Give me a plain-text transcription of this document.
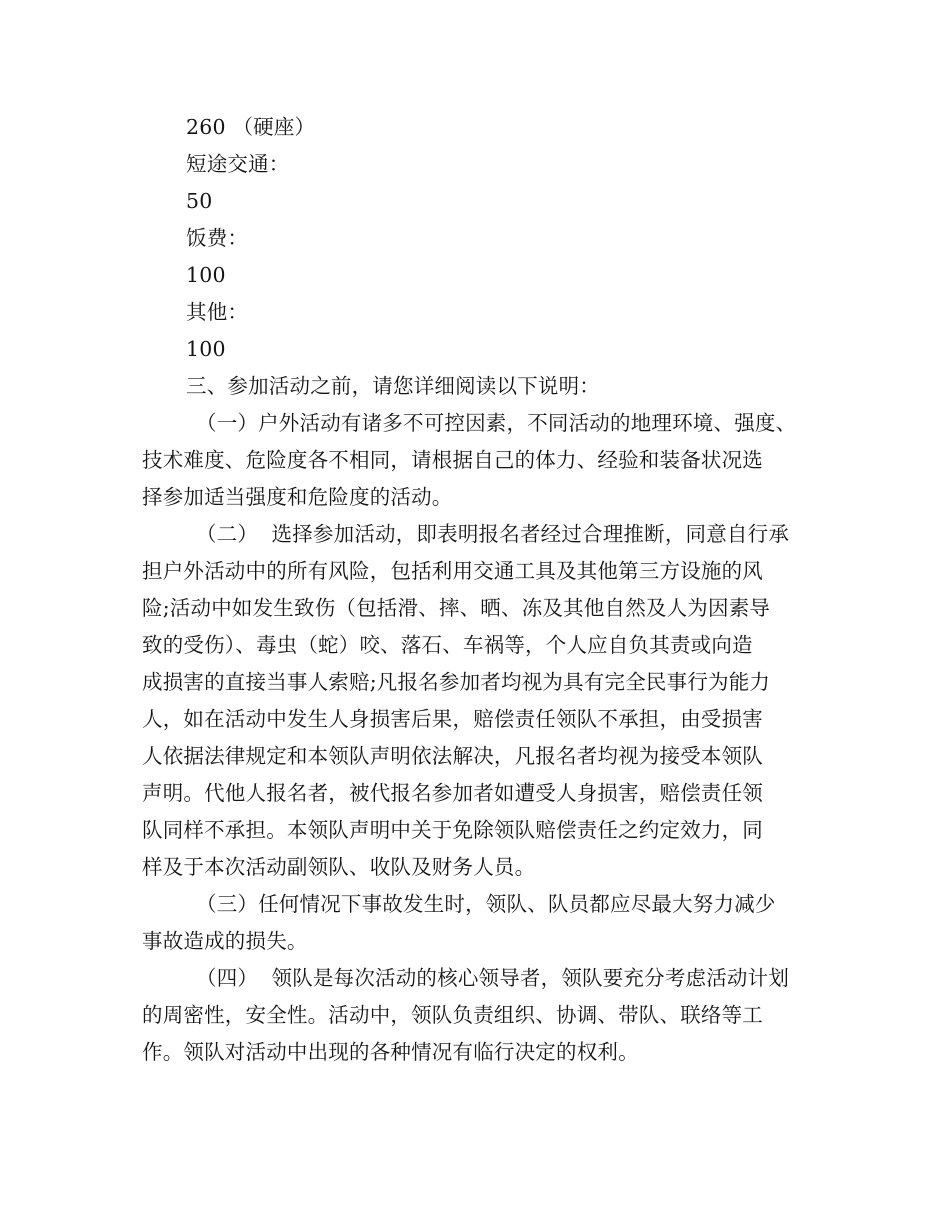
260 （硬座）
短途交通：
50
饭费：
100
其他：
100
三、参加活动之前，请您详细阅读以下说明：
（一）户外活动有诸多不可控因素，不同活动的地理环境、强度、
技术难度、危险度各不相同，请根据自己的体力、经验和装备状况选
择参加适当强度和危险度的活动。
（二）  选择参加活动，即表明报名者经过合理推断，同意自行承
担户外活动中的所有风险，包括利用交通工具及其他第三方设施的风
险;活动中如发生致伤（包括滑、摔、晒、冻及其他自然及人为因素导
致的受伤）、毒虫（蛇）咬、落石、车祸等，个人应自负其责或向造
成损害的直接当事人索赔;凡报名参加者均视为具有完全民事行为能力
人，如在活动中发生人身损害后果，赔偿责任领队不承担，由受损害
人依据法律规定和本领队声明依法解决，凡报名者均视为接受本领队
声明。代他人报名者，被代报名参加者如遭受人身损害，赔偿责任领
队同样不承担。本领队声明中关于免除领队赔偿责任之约定效力，同
样及于本次活动副领队、收队及财务人员。
（三）任何情况下事故发生时，领队、队员都应尽最大努力减少
事故造成的损失。
（四）  领队是每次活动的核心领导者，领队要充分考虑活动计划
的周密性，安全性。活动中，领队负责组织、协调、带队、联络等工
作。领队对活动中出现的各种情况有临行决定的权利。
